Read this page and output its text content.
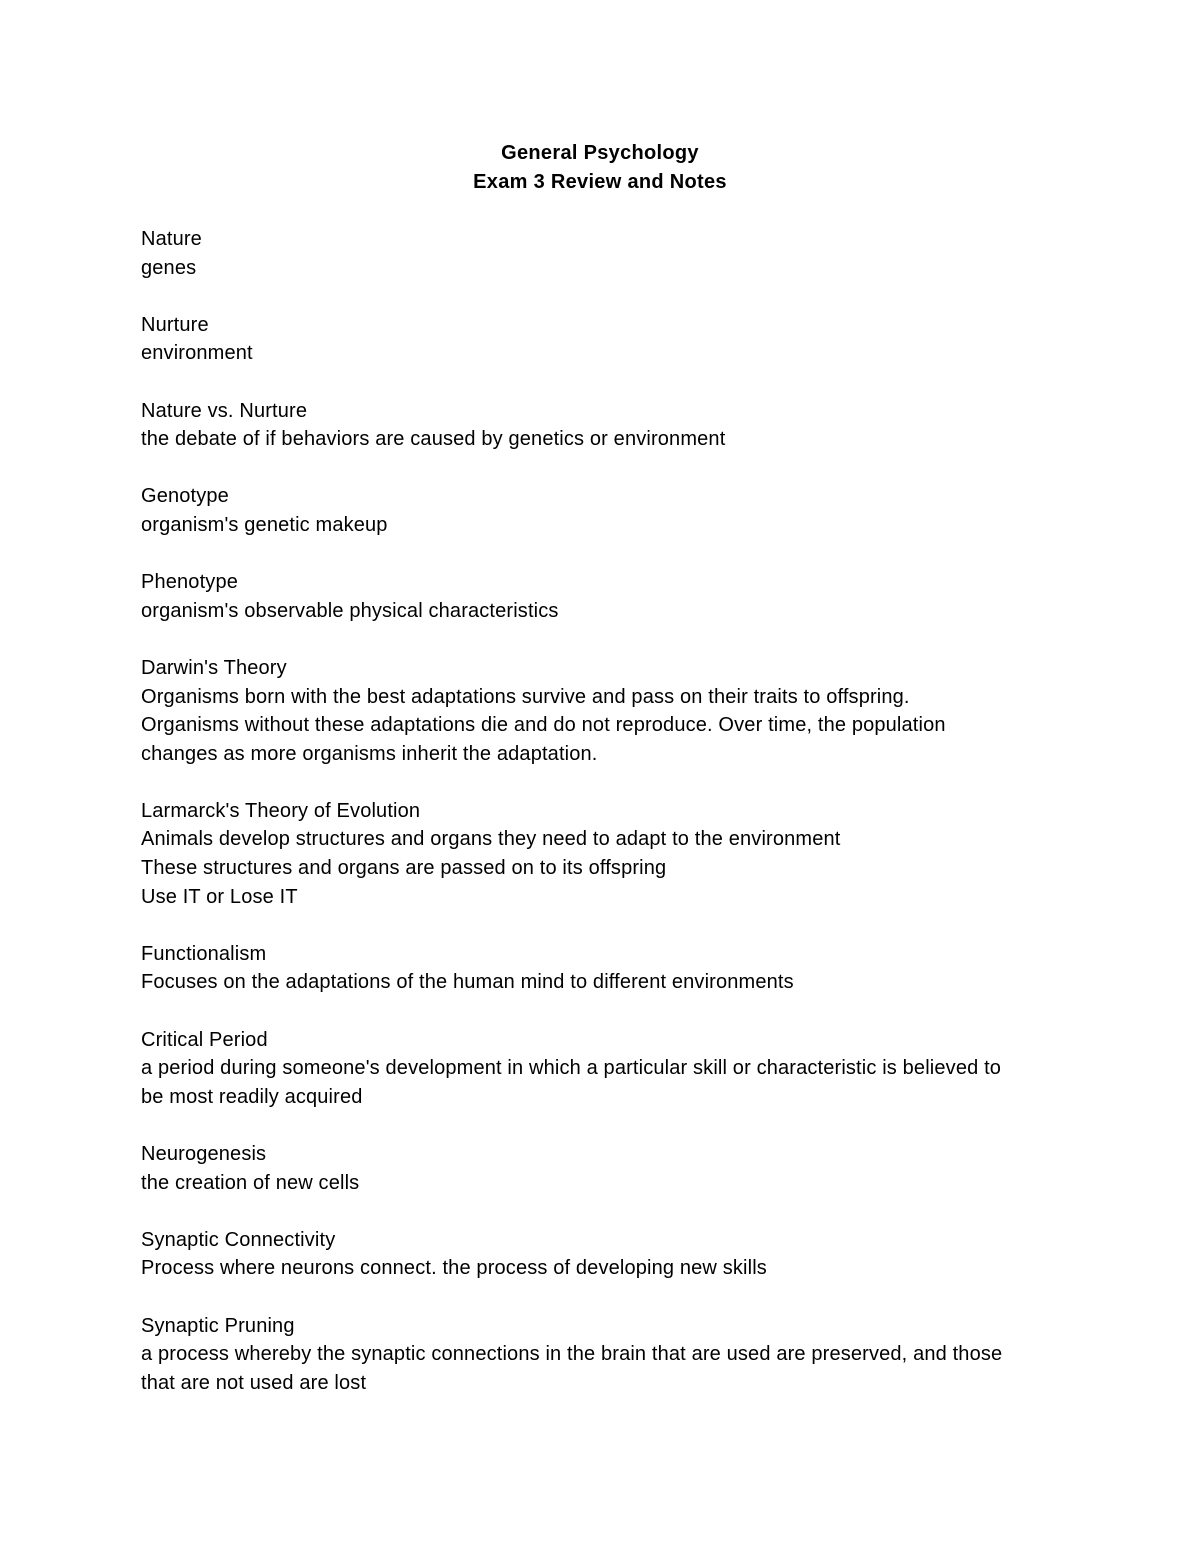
General Psychology
Exam 3 Review and Notes
Nature
genes
Nurture
environment
Nature vs. Nurture
the debate of if behaviors are caused by genetics or environment
Genotype
organism's genetic makeup
Phenotype
organism's observable physical characteristics
Darwin's Theory
Organisms born with the best adaptations survive and pass on their traits to offspring.
Organisms without these adaptations die and do not reproduce. Over time, the population
changes as more organisms inherit the adaptation.
Larmarck's Theory of Evolution
Animals develop structures and organs they need to adapt to the environment
These structures and organs are passed on to its offspring
Use IT or Lose IT
Functionalism
Focuses on the adaptations of the human mind to different environments
Critical Period
a period during someone's development in which a particular skill or characteristic is believed to
be most readily acquired
Neurogenesis
the creation of new cells
Synaptic Connectivity
Process where neurons connect. the process of developing new skills
Synaptic Pruning
a process whereby the synaptic connections in the brain that are used are preserved, and those
that are not used are lost
